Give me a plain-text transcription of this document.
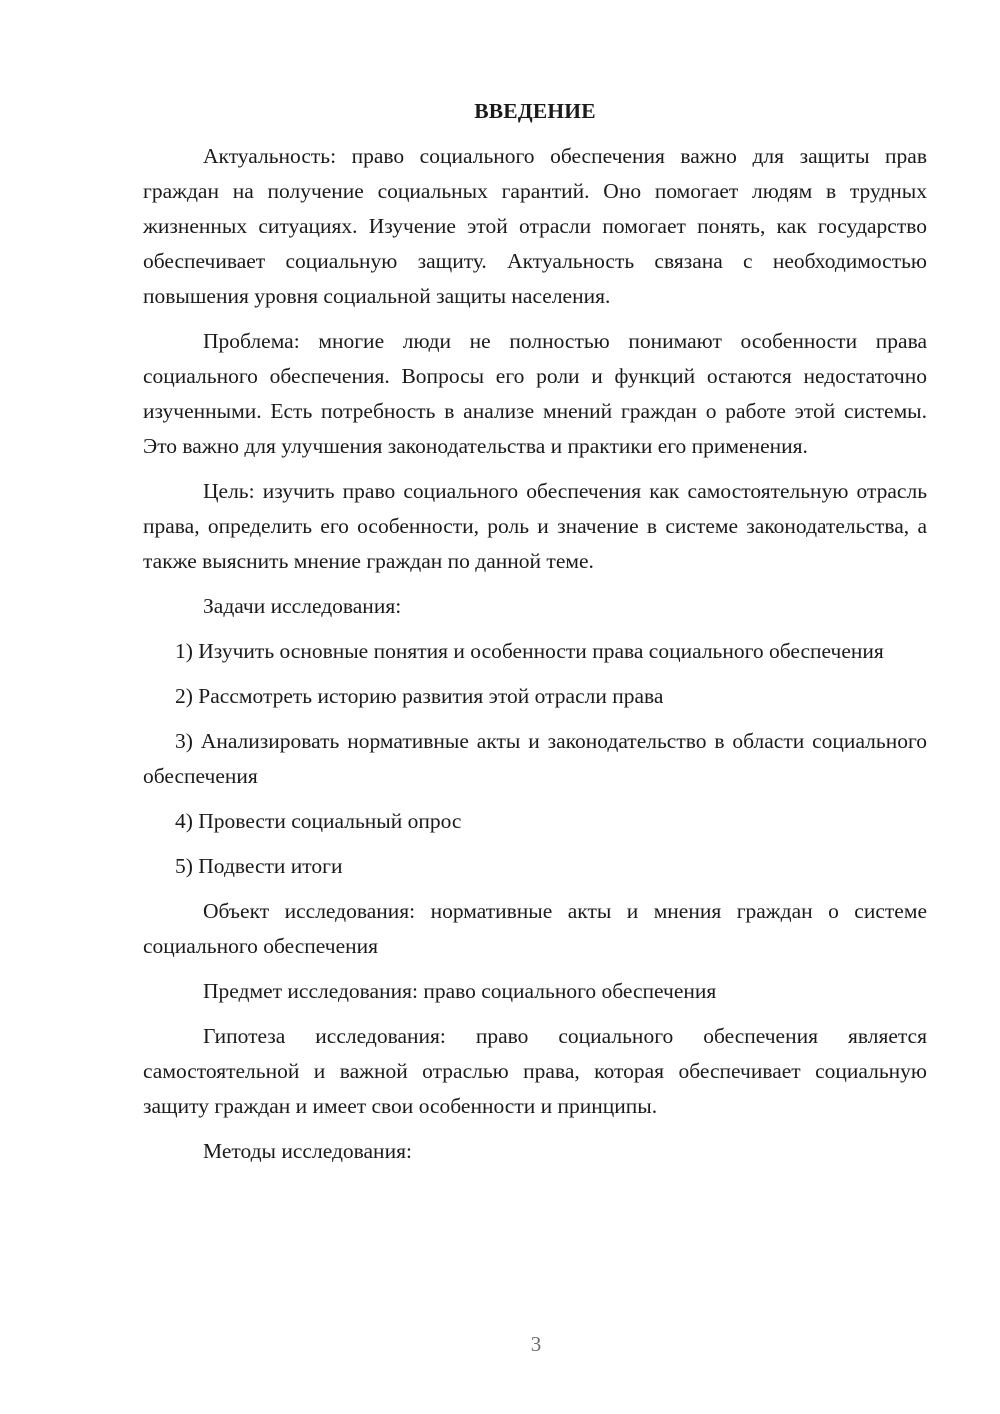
ВВЕДЕНИЕ

Актуальность: право социального обеспечения важно для защиты прав граждан на получение социальных гарантий. Оно помогает людям в трудных жизненных ситуациях. Изучение этой отрасли помогает понять, как государство обеспечивает социальную защиту. Актуальность связана с необходимостью повышения уровня социальной защиты населения.

Проблема: многие люди не полностью понимают особенности права социального обеспечения. Вопросы его роли и функций остаются недостаточно изученными. Есть потребность в анализе мнений граждан о работе этой системы. Это важно для улучшения законодательства и практики его применения.

Цель: изучить право социального обеспечения как самостоятельную отрасль права, определить его особенности, роль и значение в системе законодательства, а также выяснить мнение граждан по данной теме.

Задачи исследования:

1) Изучить основные понятия и особенности права социального обеспечения

2) Рассмотреть историю развития этой отрасли права

3) Анализировать нормативные акты и законодательство в области социального обеспечения

4) Провести социальный опрос

5) Подвести итоги

Объект исследования: нормативные акты и мнения граждан о системе социального обеспечения

Предмет исследования: право социального обеспечения

Гипотеза исследования: право социального обеспечения является самостоятельной и важной отраслью права, которая обеспечивает социальную защиту граждан и имеет свои особенности и принципы.

Методы исследования:

3
